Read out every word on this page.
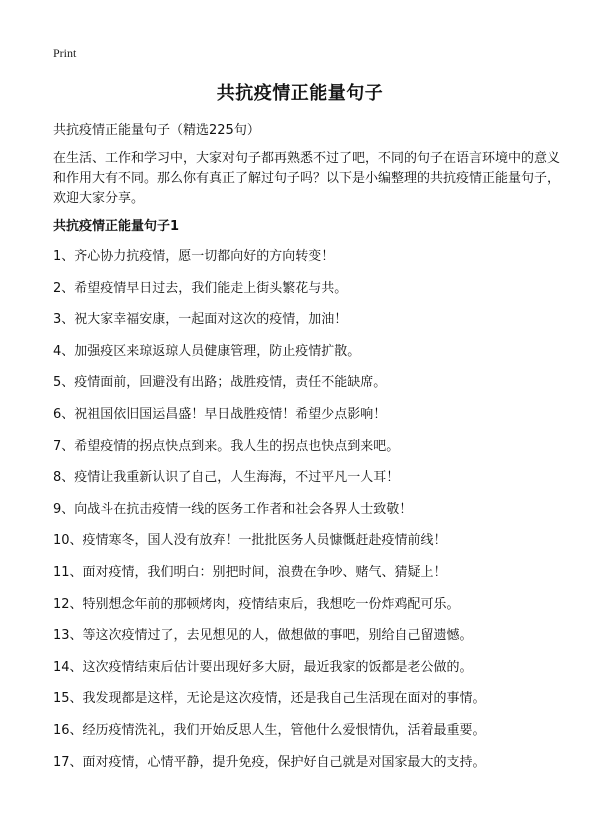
Print
共抗疫情正能量句子

共抗疫情正能量句子（精选225句）

在生活、工作和学习中，大家对句子都再熟悉不过了吧，不同的句子在语言环境中的意义和作用大有不同。那么你有真正了解过句子吗？以下是小编整理的共抗疫情正能量句子，欢迎大家分享。

共抗疫情正能量句子1
1、齐心协力抗疫情，愿一切都向好的方向转变！
2、希望疫情早日过去，我们能走上街头繁花与共。
3、祝大家幸福安康，一起面对这次的疫情，加油！
4、加强疫区来琼返琼人员健康管理，防止疫情扩散。
5、疫情面前，回避没有出路；战胜疫情，责任不能缺席。
6、祝祖国依旧国运昌盛！早日战胜疫情！希望少点影响！
7、希望疫情的拐点快点到来。我人生的拐点也快点到来吧。
8、疫情让我重新认识了自己，人生海海，不过平凡一人耳！
9、向战斗在抗击疫情一线的医务工作者和社会各界人士致敬！
10、疫情寒冬，国人没有放弃！一批批医务人员慷慨赶赴疫情前线！
11、面对疫情，我们明白：别把时间，浪费在争吵、赌气、猜疑上！
12、特别想念年前的那顿烤肉，疫情结束后，我想吃一份炸鸡配可乐。
13、等这次疫情过了，去见想见的人，做想做的事吧，别给自己留遗憾。
14、这次疫情结束后估计要出现好多大厨，最近我家的饭都是老公做的。
15、我发现都是这样，无论是这次疫情，还是我自己生活现在面对的事情。
16、经历疫情洗礼，我们开始反思人生，管他什么爱恨情仇，活着最重要。
17、面对疫情，心情平静，提升免疫，保护好自己就是对国家最大的支持。
